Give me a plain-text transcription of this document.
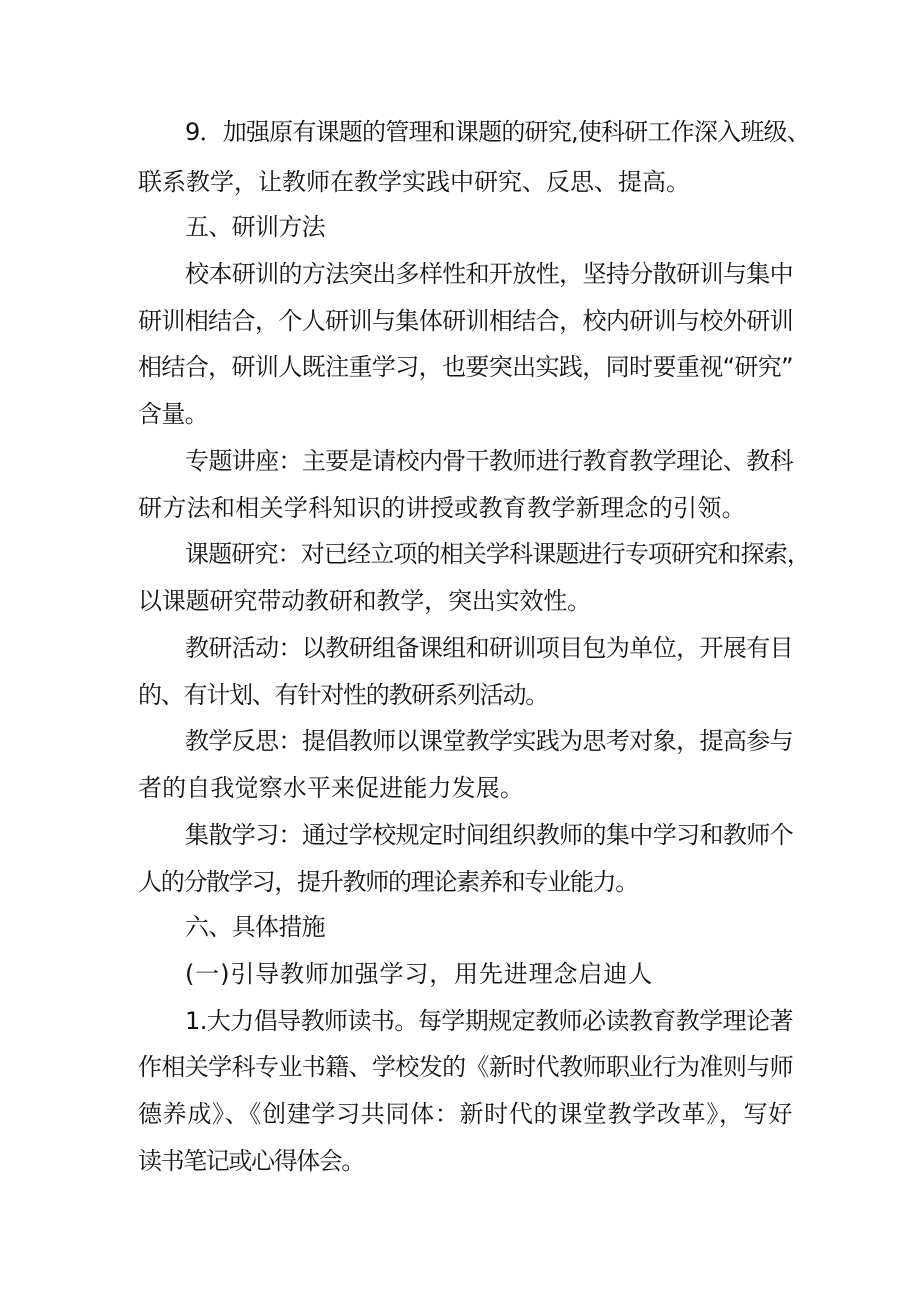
9．加强原有课题的管理和课题的研究,使科研工作深入班级、

联系教学，让教师在教学实践中研究、反思、提高。

五、研训方法

校本研训的方法突出多样性和开放性，坚持分散研训与集中

研训相结合，个人研训与集体研训相结合，校内研训与校外研训

相结合，研训人既注重学习，也要突出实践，同时要重视“研究”

含量。

专题讲座：主要是请校内骨干教师进行教育教学理论、教科

研方法和相关学科知识的讲授或教育教学新理念的引领。

课题研究：对已经立项的相关学科课题进行专项研究和探索，

以课题研究带动教研和教学，突出实效性。

教研活动：以教研组备课组和研训项目包为单位，开展有目

的、有计划、有针对性的教研系列活动。

教学反思：提倡教师以课堂教学实践为思考对象，提高参与

者的自我觉察水平来促进能力发展。

集散学习：通过学校规定时间组织教师的集中学习和教师个

人的分散学习，提升教师的理论素养和专业能力。

六、具体措施

(一)引导教师加强学习，用先进理念启迪人

1.大力倡导教师读书。每学期规定教师必读教育教学理论著

作相关学科专业书籍、学校发的《新时代教师职业行为准则与师

德养成》、《创建学习共同体：新时代的课堂教学改革》，写好

读书笔记或心得体会。
